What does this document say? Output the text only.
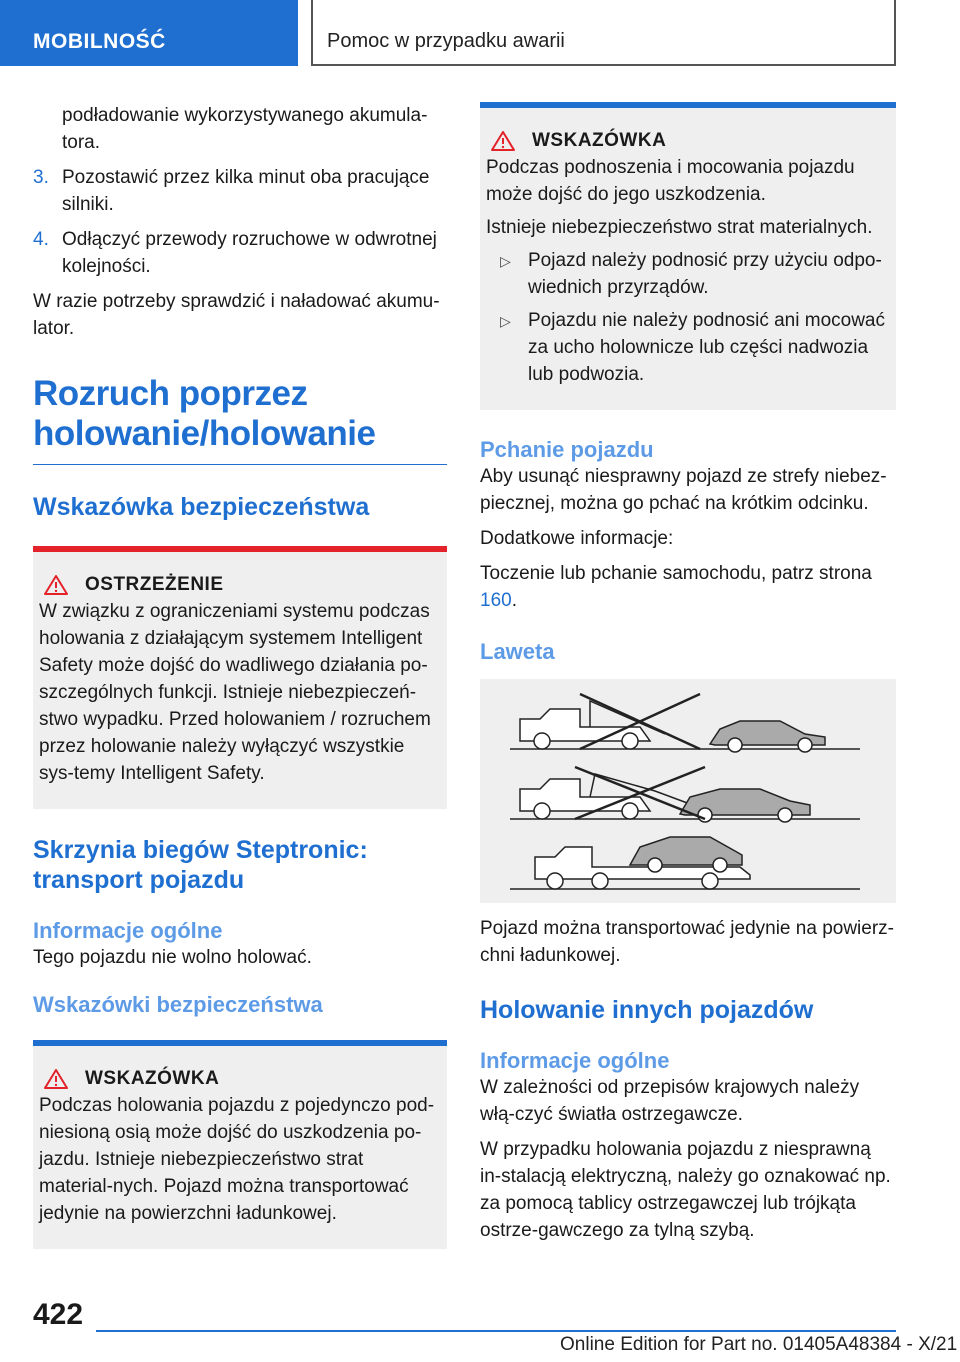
MOBILNOŚĆ	Pomoc w przypadku awarii

podładowanie wykorzystywanego akumula-
tora.

3. Pozostawić przez kilka minut oba pracujące silniki.
4. Odłączyć przewody rozruchowe w odwrotnej kolejności.

W razie potrzeby sprawdzić i naładować akumu-lator.

Rozruch poprzez holowanie/holowanie
Wskazówka bezpieczeństwa
OSTRZEŻENIE

W związku z ograniczeniami systemu podczas holowania z działającym systemem Intelligent Safety może dojść do wadliwego działania po-szczególnych funkcji. Istnieje niebezpieczeń-stwo wypadku. Przed holowaniem / rozruchem przez holowanie należy wyłączyć wszystkie sys-temy Intelligent Safety.

Skrzynia biegów Steptronic: transport pojazdu
Informacje ogólne

Tego pojazdu nie wolno holować.

Wskazówki bezpieczeństwa
WSKAZÓWKA

Podczas holowania pojazdu z pojedynczo pod-niesioną osią może dojść do uszkodzenia po-jazdu. Istnieje niebezpieczeństwo strat material-nych. Pojazd można transportować jedynie na powierzchni ładunkowej.

WSKAZÓWKA

Podczas podnoszenia i mocowania pojazdu może dojść do jego uszkodzenia.

Istnieje niebezpieczeństwo strat materialnych.

▷ Pojazd należy podnosić przy użyciu odpo-wiednich przyrządów.
▷ Pojazdu nie należy podnosić ani mocować za ucho holownicze lub części nadwozia lub podwozia.
Pchanie pojazdu

Aby usunąć niesprawny pojazd ze strefy niebez-piecznej, można go pchać na krótkim odcinku.

Dodatkowe informacje:

Toczenie lub pchanie samochodu, patrz strona 160.

Laweta

Pojazd można transportować jedynie na powierz-chni ładunkowej.

Holowanie innych pojazdów
Informacje ogólne

W zależności od przepisów krajowych należy włą-czyć światła ostrzegawcze.

W przypadku holowania pojazdu z niesprawną in-stalacją elektryczną, należy go oznakować np. za pomocą tablicy ostrzegawczej lub trójkąta ostrze-gawczego za tylną szybą.

422
Online Edition for Part no. 01405A48384 - X/21
